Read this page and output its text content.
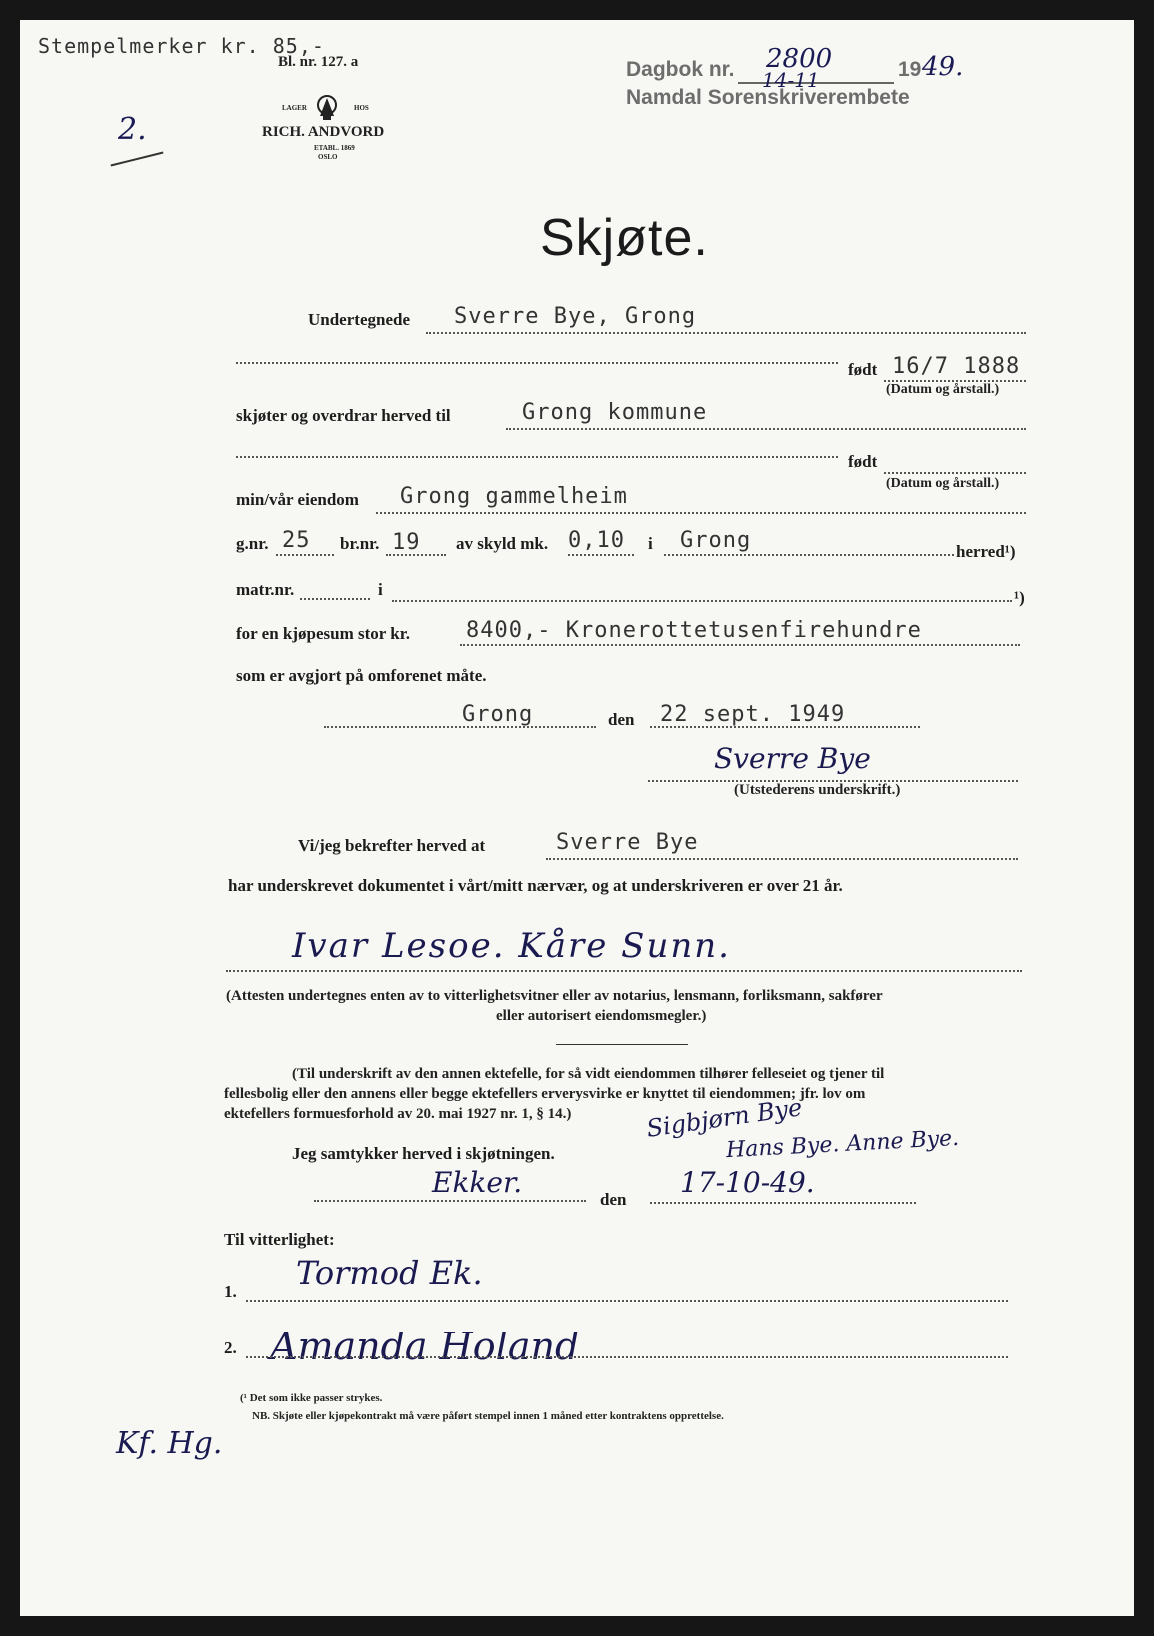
Stempelmerker kr. 85,-
Bl. nr. 127. a
2.
LAGER	HOS
RICH. ANDVORD
ETABL. 1869
OSLO
Dagbok nr.	19
Namdal Sorenskriverembete
2800
14-11	49.
Skjøte.
Undertegnede Sverre Bye, Grong
født 16/7 1888
(Datum og årstall.)
skjøter og overdrar herved til	Grong kommune
født
(Datum og årstall.)
min/vår eiendom Grong gammelheim
g.nr. 25 br.nr. 19 av skyld mk. 0,10 i Grong	herred¹)
matr.nr.	i	¹)
for en kjøpesum stor kr.	8400,- Kronerottetusenfirehundre
som er avgjort på omforenet måte.
Grong	den 22 sept. 1949
Sverre Bye
(Utstederens underskrift.)
Vi/jeg bekrefter herved at	Sverre Bye
har underskrevet dokumentet i vårt/mitt nærvær, og at underskriveren er over 21 år.
Ivar Lesoe. Kåre Sunn.
(Attesten undertegnes enten av to vitterlighetsvitner eller av notarius, lensmann, forliksmann, sakfører
eller autorisert eiendomsmegler.)
(Til underskrift av den annen ektefelle, for så vidt eiendommen tilhører felleseiet og tjener til
fellesbolig eller den annens eller begge ektefellers erverysvirke er knyttet til eiendommen; jfr. lov om
ektefellers formuesforhold av 20. mai 1927 nr. 1, § 14.)	Sigbjørn Bye
Hans Bye. Anne Bye.
Jeg samtykker herved i skjøtningen.
Ekker.
den
17-10-49.
Til vitterlighet:
1. Tormod Ek.
2. Amanda Holand
(¹ Det som ikke passer strykes.
NB. Skjøte eller kjøpekontrakt må være påført stempel innen 1 måned etter kontraktens opprettelse.
Kf. Hg.
